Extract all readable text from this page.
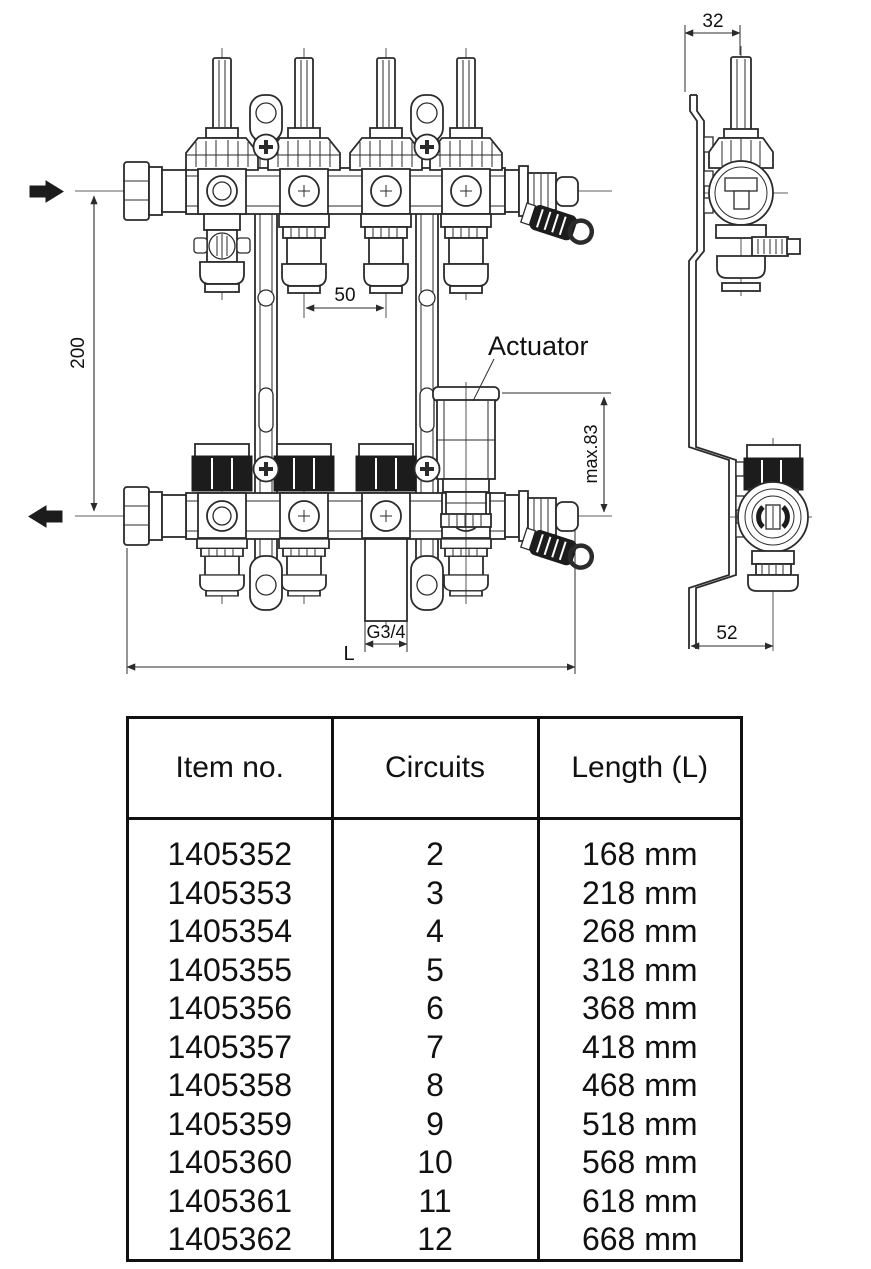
200
50
max.83
G3/4
L
Actuator
32
52
Item no.	Circuits	Length (L)
1405352	2	168 mm
1405353	3	218 mm
1405354	4	268 mm
1405355	5	318 mm
1405356	6	368 mm
1405357	7	418 mm
1405358	8	468 mm
1405359	9	518 mm
1405360	10	568 mm
1405361	11	618 mm
1405362	12	668 mm
